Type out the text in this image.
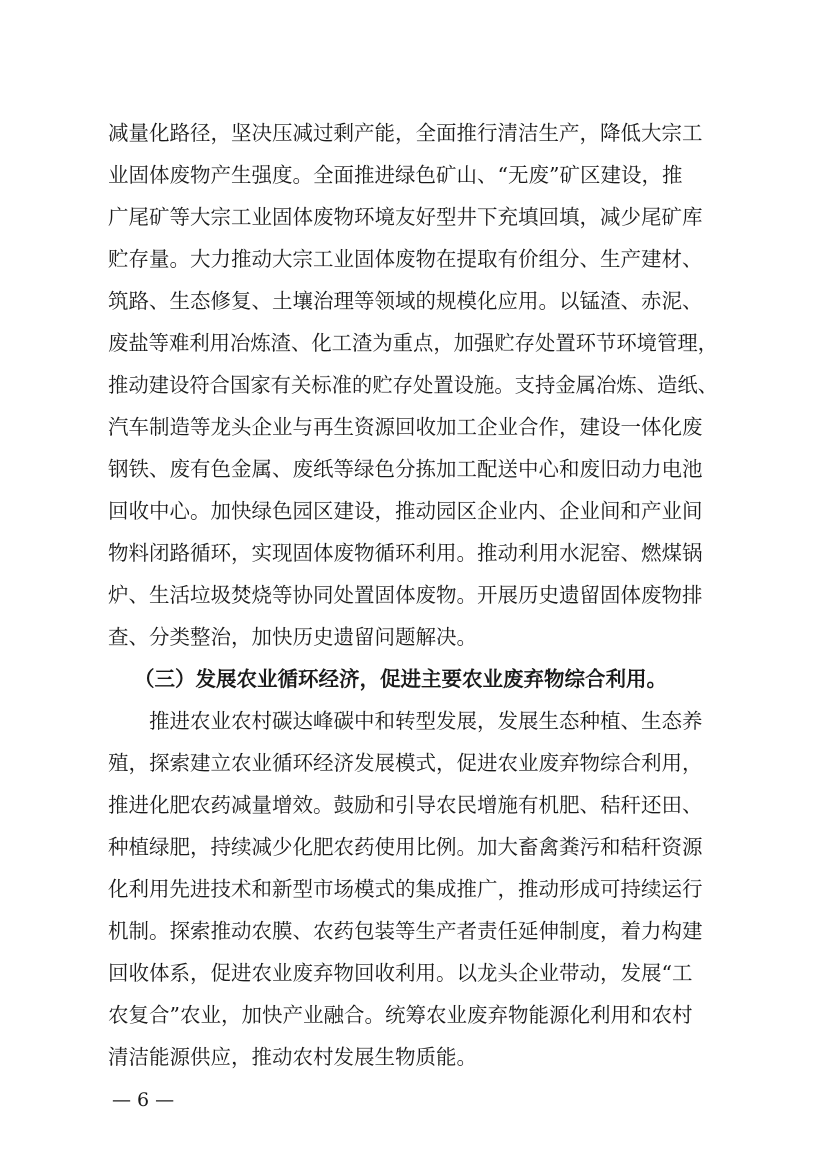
减量化路径，坚决压减过剩产能，全面推行清洁生产，降低大宗工
业固体废物产生强度。全面推进绿色矿山、“无废”矿区建设，推
广尾矿等大宗工业固体废物环境友好型井下充填回填，减少尾矿库
贮存量。大力推动大宗工业固体废物在提取有价组分、生产建材、
筑路、生态修复、土壤治理等领域的规模化应用。以锰渣、赤泥、
废盐等难利用冶炼渣、化工渣为重点，加强贮存处置环节环境管理，
推动建设符合国家有关标准的贮存处置设施。支持金属冶炼、造纸、
汽车制造等龙头企业与再生资源回收加工企业合作，建设一体化废
钢铁、废有色金属、废纸等绿色分拣加工配送中心和废旧动力电池
回收中心。加快绿色园区建设，推动园区企业内、企业间和产业间
物料闭路循环，实现固体废物循环利用。推动利用水泥窑、燃煤锅
炉、生活垃圾焚烧等协同处置固体废物。开展历史遗留固体废物排
查、分类整治，加快历史遗留问题解决。
（三）发展农业循环经济，促进主要农业废弃物综合利用。
推进农业农村碳达峰碳中和转型发展，发展生态种植、生态养
殖，探索建立农业循环经济发展模式，促进农业废弃物综合利用，
推进化肥农药减量增效。鼓励和引导农民增施有机肥、秸秆还田、
种植绿肥，持续减少化肥农药使用比例。加大畜禽粪污和秸秆资源
化利用先进技术和新型市场模式的集成推广，推动形成可持续运行
机制。探索推动农膜、农药包装等生产者责任延伸制度，着力构建
回收体系，促进农业废弃物回收利用。以龙头企业带动，发展“工
农复合”农业，加快产业融合。统筹农业废弃物能源化利用和农村
清洁能源供应，推动农村发展生物质能。
— 6 —
